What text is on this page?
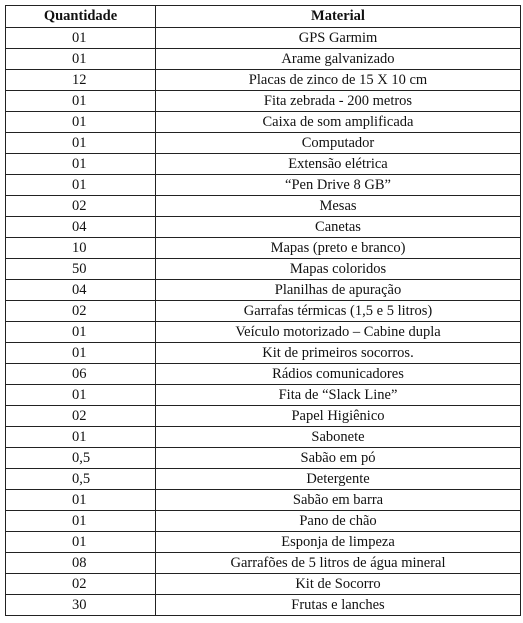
Quantidade	Material
01	GPS Garmim
01	Arame galvanizado
12	Placas de zinco de 15 X 10 cm
01	Fita zebrada - 200 metros
01	Caixa de som amplificada
01	Computador
01	Extensão elétrica
01	“Pen Drive 8 GB”
02	Mesas
04	Canetas
10	Mapas (preto e branco)
50	Mapas coloridos
04	Planilhas de apuração
02	Garrafas térmicas (1,5 e 5 litros)
01	Veículo motorizado – Cabine dupla
01	Kit de primeiros socorros.
06	Rádios comunicadores
01	Fita de “Slack Line”
02	Papel Higiênico
01	Sabonete
0,5	Sabão em pó
0,5	Detergente
01	Sabão em barra
01	Pano de chão
01	Esponja de limpeza
08	Garrafões de 5 litros de água mineral
02	Kit de Socorro
30	Frutas e lanches
